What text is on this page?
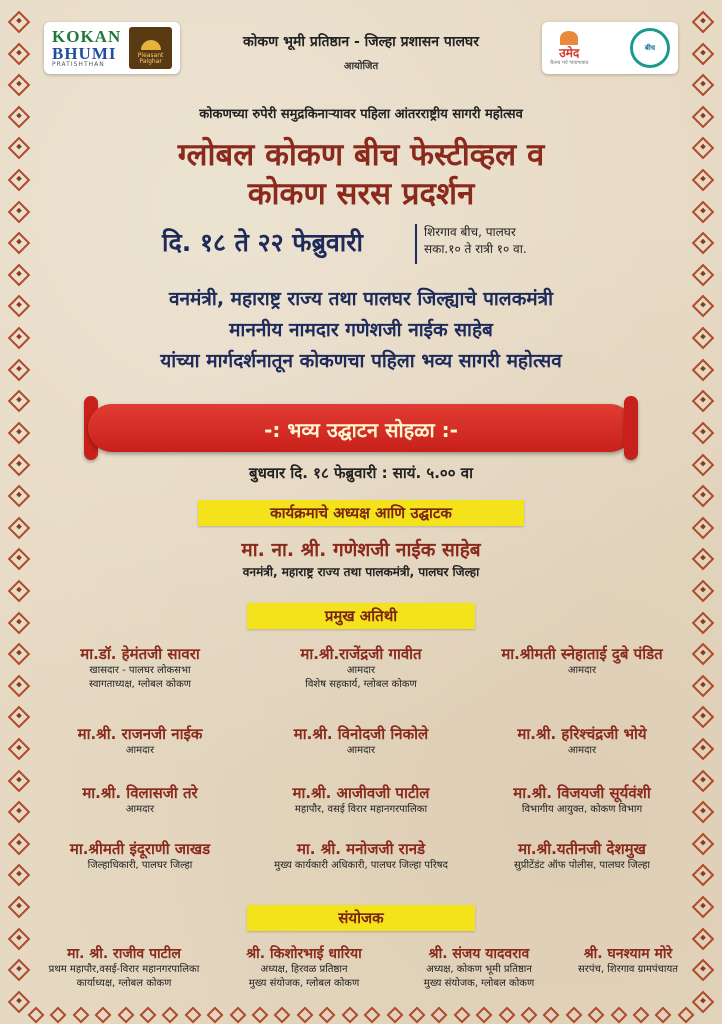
KOKAN
BHUMI
PRATISHTHAN
Pleasant
Palghar
उमेद
चैतन्य पर्व गावागावात
बीच
कोकण भूमी प्रतिष्ठान - जिल्हा प्रशासन पालघर
आयोजित
कोकणच्या रुपेरी समुद्रकिनाऱ्यावर पहिला आंतरराष्ट्रीय सागरी महोत्सव
ग्लोबल कोकण बीच फेस्टीव्हल व
कोकण सरस प्रदर्शन
दि. १८ ते २२ फेब्रुवारी	शिरगाव बीच, पालघर
सका.१० ते रात्री १० वा.
वनमंत्री, महाराष्ट्र राज्य तथा पालघर जिल्ह्याचे पालकमंत्री
माननीय नामदार गणेशजी नाईक साहेब
यांच्या मार्गदर्शनातून कोकणचा पहिला भव्य सागरी महोत्सव
-: भव्य उद्घाटन सोहळा :-
बुधवार दि. १८ फेब्रुवारी : सायं. ५.०० वा
कार्यक्रमाचे अध्यक्ष आणि उद्घाटक
मा. ना. श्री. गणेशजी नाईक साहेब
वनमंत्री, महाराष्ट्र राज्य तथा पालकमंत्री, पालघर जिल्हा
प्रमुख अतिथी
मा.डॉ. हेमंतजी सावरा
खासदार - पालघर लोकसभा
स्वागताध्यक्ष, ग्लोबल कोकण
मा.श्री.राजेंद्रजी गावीत
आमदार
विशेष सहकार्य, ग्लोबल कोकण
मा.श्रीमती स्नेहाताई दुबे पंडित
आमदार
मा.श्री. राजनजी नाईक
आमदार
मा.श्री. विनोदजी निकोले
आमदार
मा.श्री. हरिश्चंद्रजी भोये
आमदार
मा.श्री. विलासजी तरे
आमदार
मा.श्री. आजीवजी पाटील
महापौर, वसई विरार महानगरपालिका
मा.श्री. विजयजी सूर्यवंशी
विभागीय आयुक्त, कोकण विभाग
मा.श्रीमती इंदूराणी जाखड
जिल्हाधिकारी, पालघर जिल्हा
मा. श्री. मनोजजी रानडे
मुख्य कार्यकारी अधिकारी, पालघर जिल्हा परिषद
मा.श्री.यतीनजी देशमुख
सुप्रीटेंडंट ऑफ पोलीस, पालघर जिल्हा
संयोजक
मा. श्री. राजीव पाटील
प्रथम महापौर,वसई-विरार महानगरपालिका
कार्याध्यक्ष, ग्लोबल कोकण
श्री. किशोरभाई धारिया
अध्यक्ष, हिरवळ प्रतिष्ठान
मुख्य संयोजक, ग्लोबल कोकण
श्री. संजय यादवराव
अध्यक्ष, कोकण भूमी प्रतिष्ठान
मुख्य संयोजक, ग्लोबल कोकण
श्री. घनश्याम मोरे
सरपंच, शिरगाव ग्रामपंचायत
